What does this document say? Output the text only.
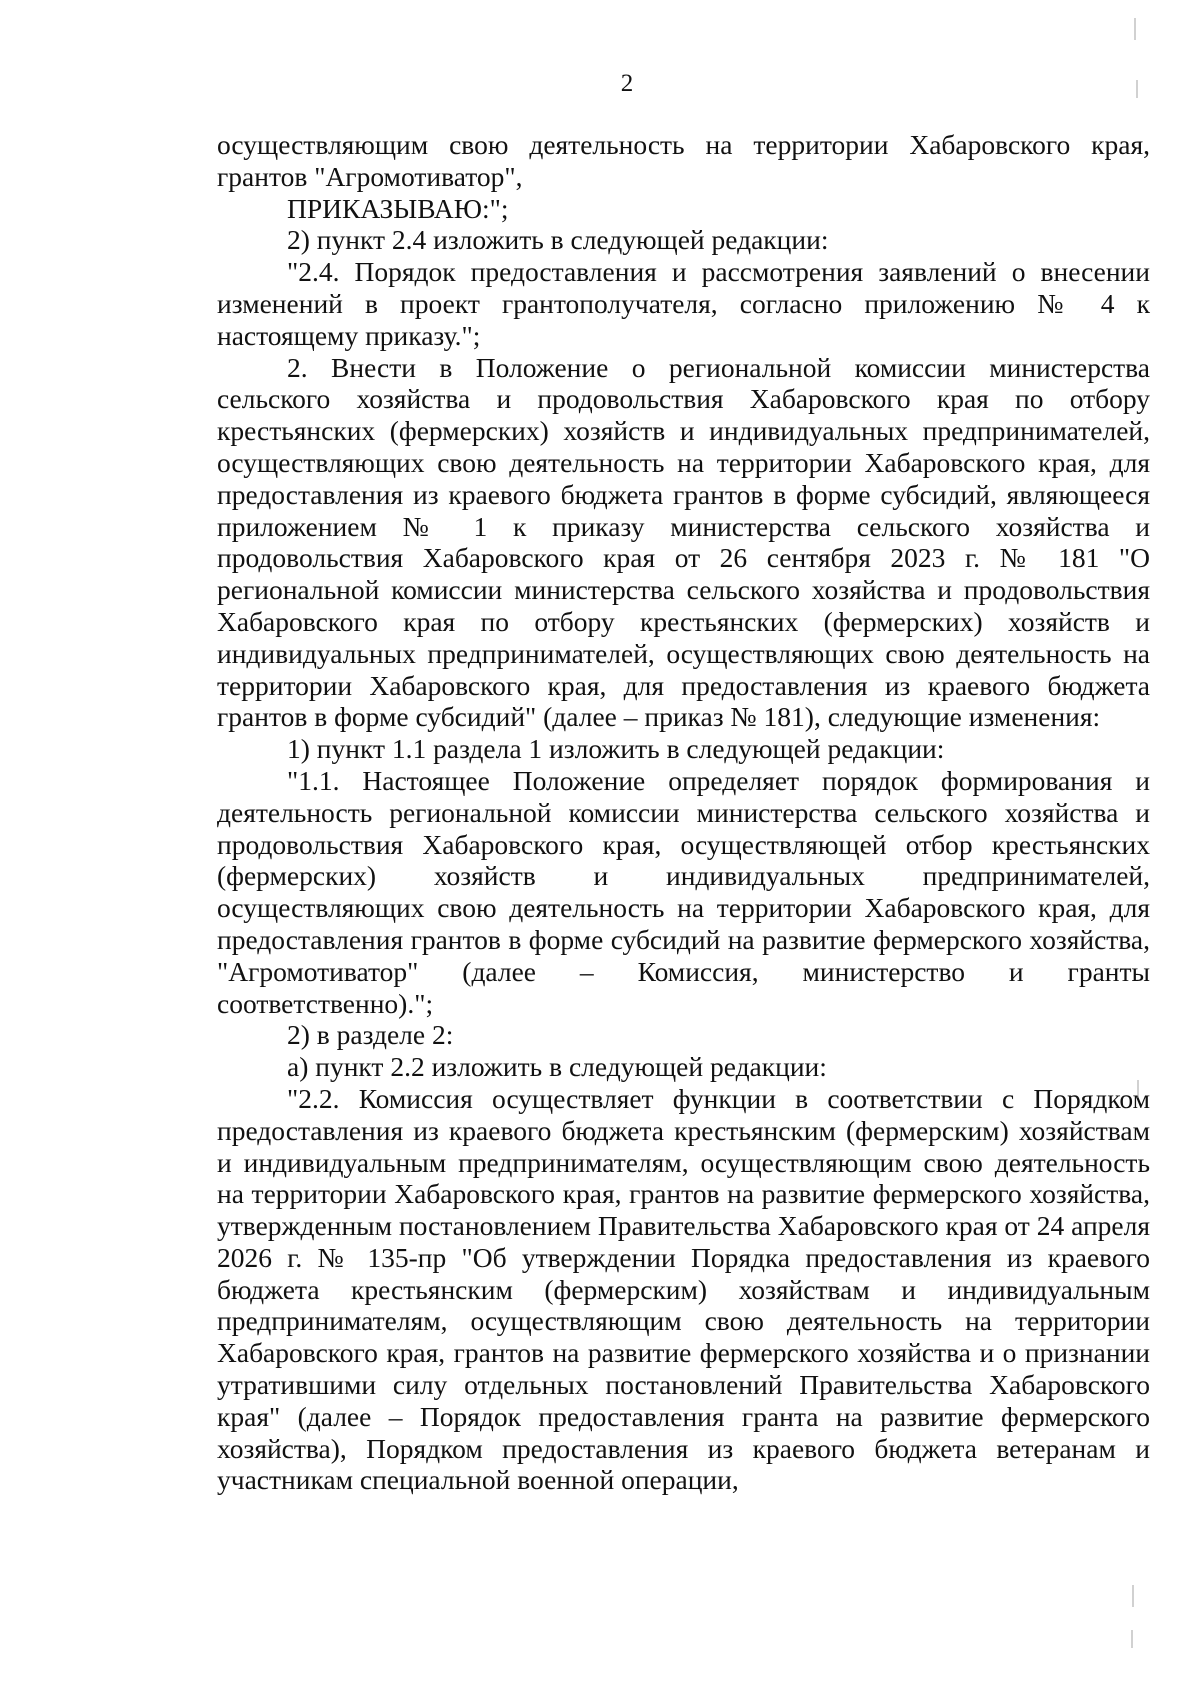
2

осуществляющим свою деятельность на территории Хабаровского края, грантов "Агромотиватор",

ПРИКАЗЫВАЮ:";

2) пункт 2.4 изложить в следующей редакции:

"2.4. Порядок предоставления и рассмотрения заявлений о внесении изменений в проект грантополучателя, согласно приложению № 4 к настоящему приказу.";

2. Внести в Положение о региональной комиссии министерства сельского хозяйства и продовольствия Хабаровского края по отбору крестьянских (фермерских) хозяйств и индивидуальных предпринимателей, осуществляющих свою деятельность на территории Хабаровского края, для предоставления из краевого бюджета грантов в форме субсидий, являющееся приложением № 1 к приказу министерства сельского хозяйства и продовольствия Хабаровского края от 26 сентября 2023 г. № 181 "О региональной комиссии министерства сельского хозяйства и продовольствия Хабаровского края по отбору крестьянских (фермерских) хозяйств и индивидуальных предпринимателей, осуществляющих свою деятельность на территории Хабаровского края, для предоставления из краевого бюджета грантов в форме субсидий" (далее – приказ № 181), следующие изменения:

1) пункт 1.1 раздела 1 изложить в следующей редакции:

"1.1. Настоящее Положение определяет порядок формирования и деятельность региональной комиссии министерства сельского хозяйства и продовольствия Хабаровского края, осуществляющей отбор крестьянских (фермерских) хозяйств и индивидуальных предпринимателей, осуществляющих свою деятельность на территории Хабаровского края, для предоставления грантов в форме субсидий на развитие фермерского хозяйства, "Агромотиватор" (далее – Комиссия, министерство и гранты соответственно).";

2) в разделе 2:

а) пункт 2.2 изложить в следующей редакции:

"2.2. Комиссия осуществляет функции в соответствии с Порядком предоставления из краевого бюджета крестьянским (фермерским) хозяйствам и индивидуальным предпринимателям, осуществляющим свою деятельность на территории Хабаровского края, грантов на развитие фермерского хозяйства, утвержденным постановлением Правительства Хабаровского края от 24 апреля 2026 г. № 135-пр "Об утверждении Порядка предоставления из краевого бюджета крестьянским (фермерским) хозяйствам и индивидуальным предпринимателям, осуществляющим свою деятельность на территории Хабаровского края, грантов на развитие фермерского хозяйства и о признании утратившими силу отдельных постановлений Правительства Хабаровского края" (далее – Порядок предоставления гранта на развитие фермерского хозяйства), Порядком предоставления из краевого бюджета ветеранам и участникам специальной военной операции,
